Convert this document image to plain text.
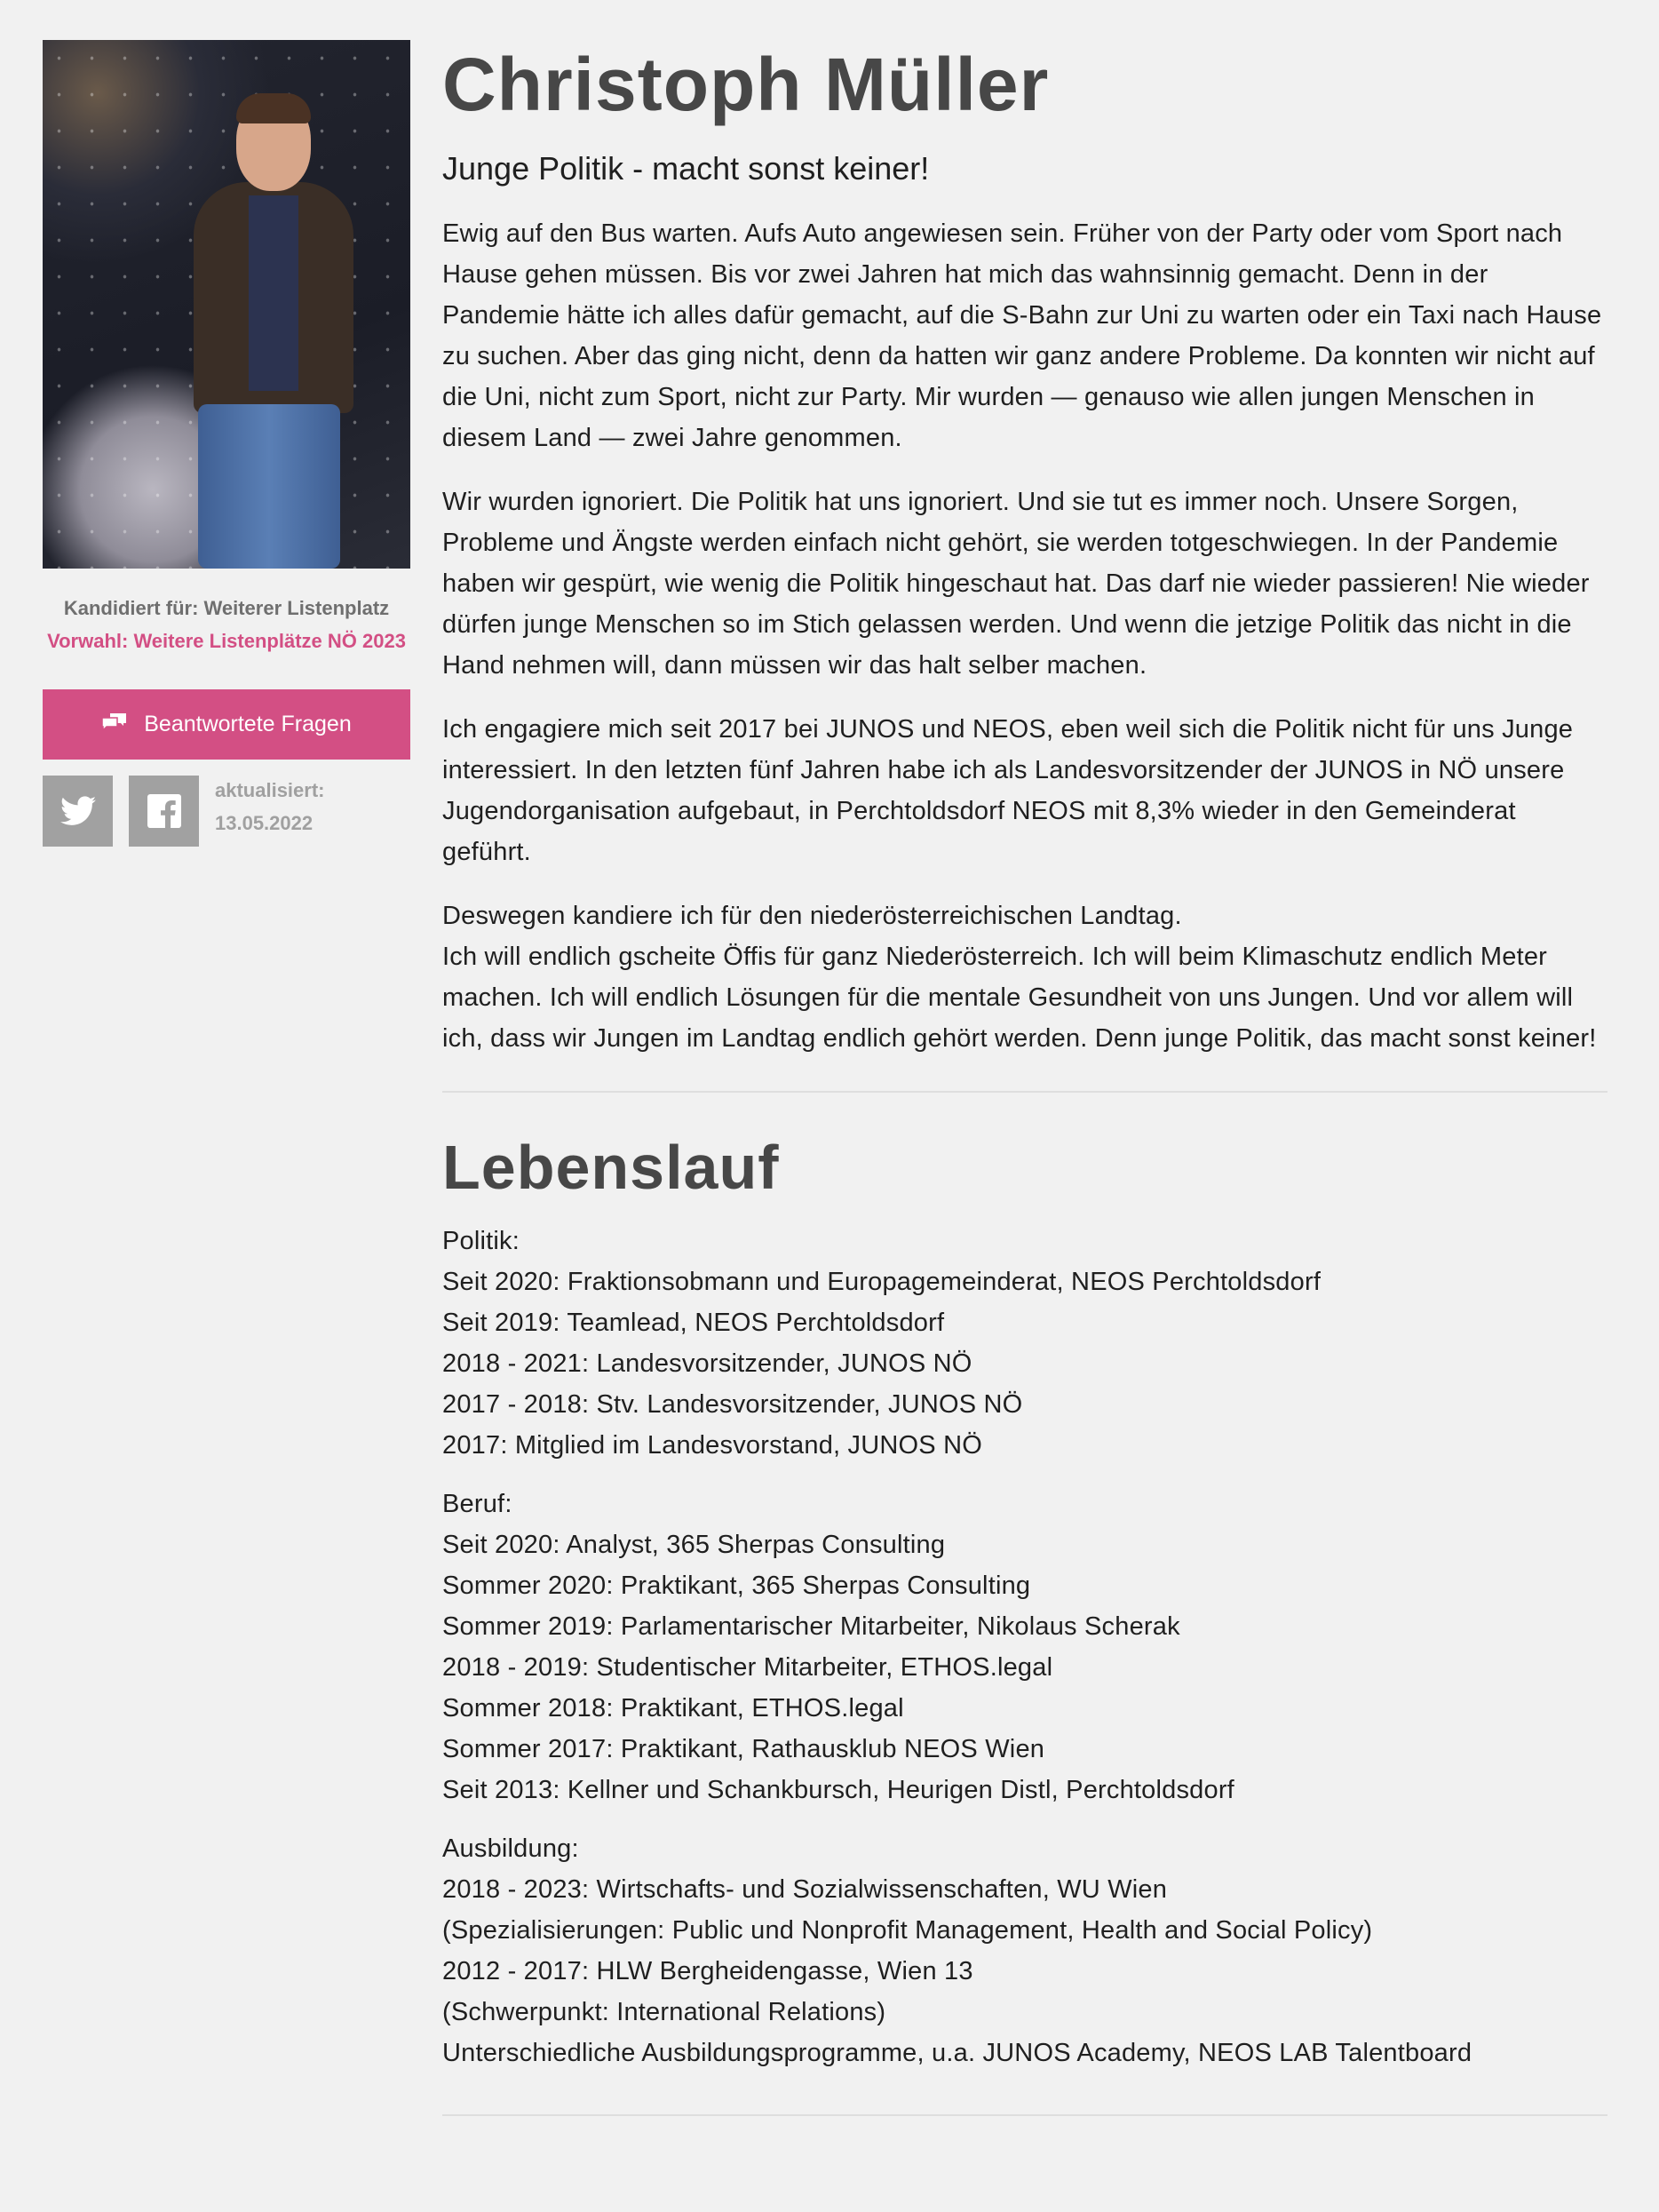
Kandidiert für: Weiterer Listenplatz
Vorwahl: Weitere Listenplätze NÖ 2023
Beantwortete Fragen
aktualisiert:
13.05.2022
Christoph Müller
Junge Politik - macht sonst keiner!

Ewig auf den Bus warten. Aufs Auto angewiesen sein. Früher von der Party oder vom Sport nach Hause gehen müssen. Bis vor zwei Jahren hat mich das wahnsinnig gemacht. Denn in der Pandemie hätte ich alles dafür gemacht, auf die S-Bahn zur Uni zu warten oder ein Taxi nach Hause zu suchen. Aber das ging nicht, denn da hatten wir ganz andere Probleme. Da konnten wir nicht auf die Uni, nicht zum Sport, nicht zur Party. Mir wurden — genauso wie allen jungen Menschen in diesem Land — zwei Jahre genommen.

Wir wurden ignoriert. Die Politik hat uns ignoriert. Und sie tut es immer noch. Unsere Sorgen, Probleme und Ängste werden einfach nicht gehört, sie werden totgeschwiegen. In der Pandemie haben wir gespürt, wie wenig die Politik hingeschaut hat. Das darf nie wieder passieren! Nie wieder dürfen junge Menschen so im Stich gelassen werden. Und wenn die jetzige Politik das nicht in die Hand nehmen will, dann müssen wir das halt selber machen.

Ich engagiere mich seit 2017 bei JUNOS und NEOS, eben weil sich die Politik nicht für uns Junge interessiert. In den letzten fünf Jahren habe ich als Landesvorsitzender der JUNOS in NÖ unsere Jugendorganisation aufgebaut, in Perchtoldsdorf NEOS mit 8,3% wieder in den Gemeinderat geführt.

Deswegen kandiere ich für den niederösterreichischen Landtag.
Ich will endlich gscheite Öffis für ganz Niederösterreich. Ich will beim Klimaschutz endlich Meter machen. Ich will endlich Lösungen für die mentale Gesundheit von uns Jungen. Und vor allem will ich, dass wir Jungen im Landtag endlich gehört werden. Denn junge Politik, das macht sonst keiner!

Lebenslauf
Politik:
Seit 2020: Fraktionsobmann und Europagemeinderat, NEOS Perchtoldsdorf
Seit 2019: Teamlead, NEOS Perchtoldsdorf
2018 - 2021: Landesvorsitzender, JUNOS NÖ
2017 - 2018: Stv. Landesvorsitzender, JUNOS NÖ
2017: Mitglied im Landesvorstand, JUNOS NÖ
Beruf:
Seit 2020: Analyst, 365 Sherpas Consulting
Sommer 2020: Praktikant, 365 Sherpas Consulting
Sommer 2019: Parlamentarischer Mitarbeiter, Nikolaus Scherak
2018 - 2019: Studentischer Mitarbeiter, ETHOS.legal
Sommer 2018: Praktikant, ETHOS.legal
Sommer 2017: Praktikant, Rathausklub NEOS Wien
Seit 2013: Kellner und Schankbursch, Heurigen Distl, Perchtoldsdorf
Ausbildung:
2018 - 2023: Wirtschafts- und Sozialwissenschaften, WU Wien
(Spezialisierungen: Public und Nonprofit Management, Health and Social Policy)
2012 - 2017: HLW Bergheidengasse, Wien 13
(Schwerpunkt: International Relations)
Unterschiedliche Ausbildungsprogramme, u.a. JUNOS Academy, NEOS LAB Talentboard
